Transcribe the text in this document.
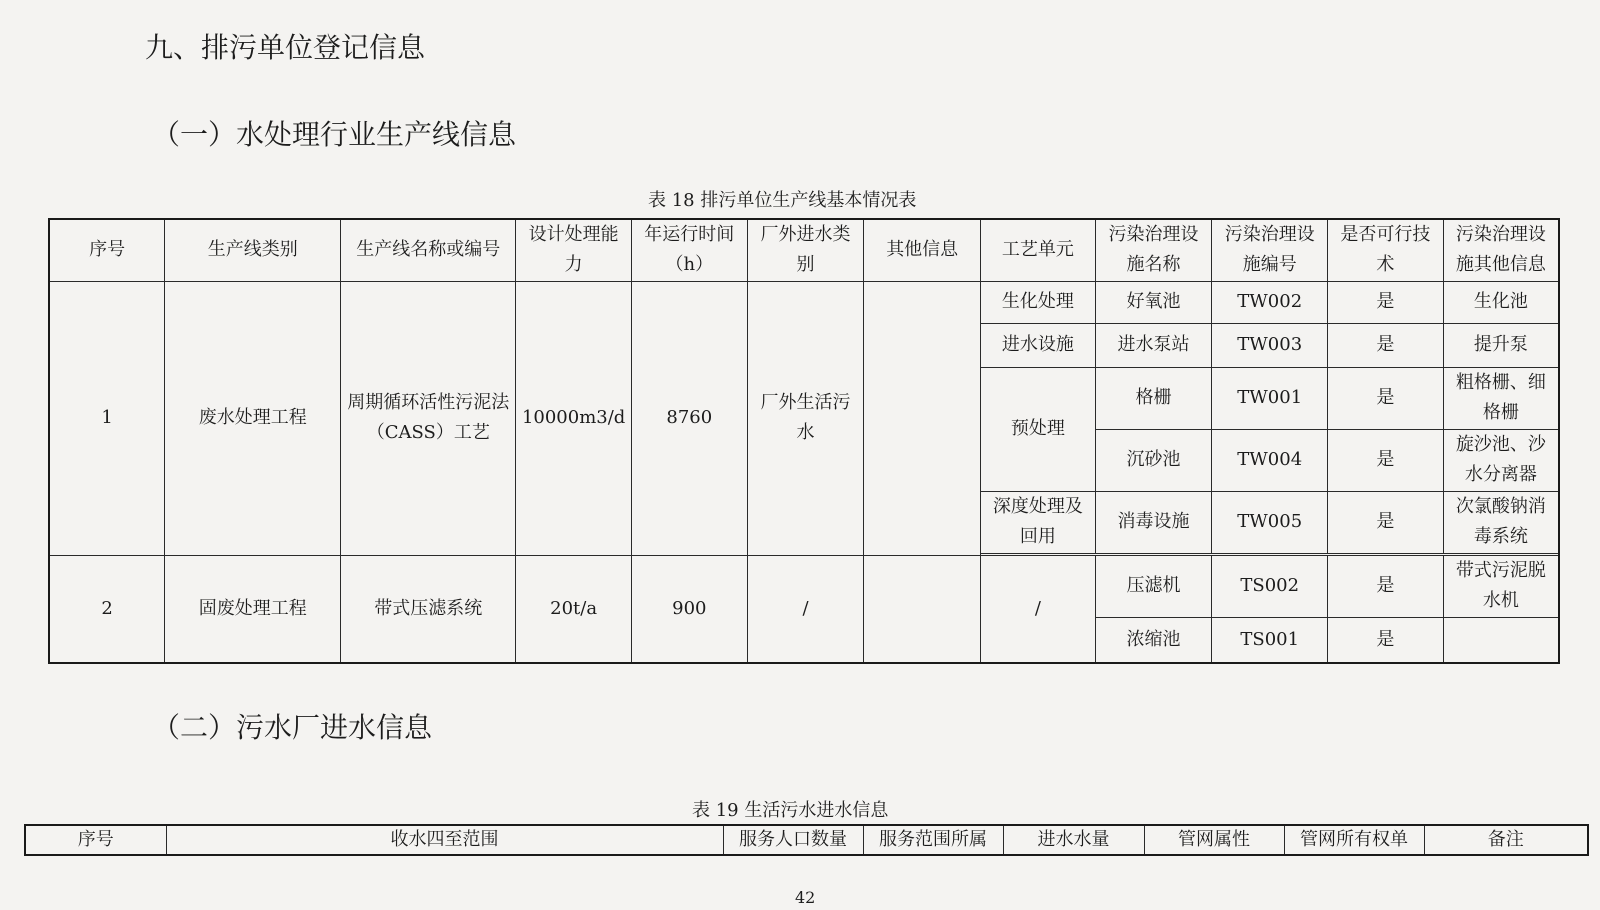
九、排污单位登记信息
（一）水处理行业生产线信息
表 18 排污单位生产线基本情况表
序号	生产线类别	生产线名称或编号	设计处理能力	年运行时间（h）	厂外进水类别	其他信息	工艺单元	污染治理设施名称	污染治理设施编号	是否可行技术	污染治理设施其他信息
1	废水处理工程	周期循环活性污泥法（CASS）工艺	10000m3/d	8760	厂外生活污水		生化处理	好氧池	TW002	是	生化池
							进水设施	进水泵站	TW003	是	提升泵
							预处理	格栅	TW001	是	粗格栅、细格栅
								沉砂池	TW004	是	旋沙池、沙水分离器
							深度处理及回用	消毒设施	TW005	是	次氯酸钠消毒系统

2	固废处理工程	带式压滤系统	20t/a	900	/		/	压滤机	TS002	是	带式污泥脱水机
								浓缩池	TS001	是	
（二）污水厂进水信息
表 19 生活污水进水信息
序号	收水四至范围	服务人口数量	服务范围所属	进水水量	管网属性	管网所有权单	备注
42
